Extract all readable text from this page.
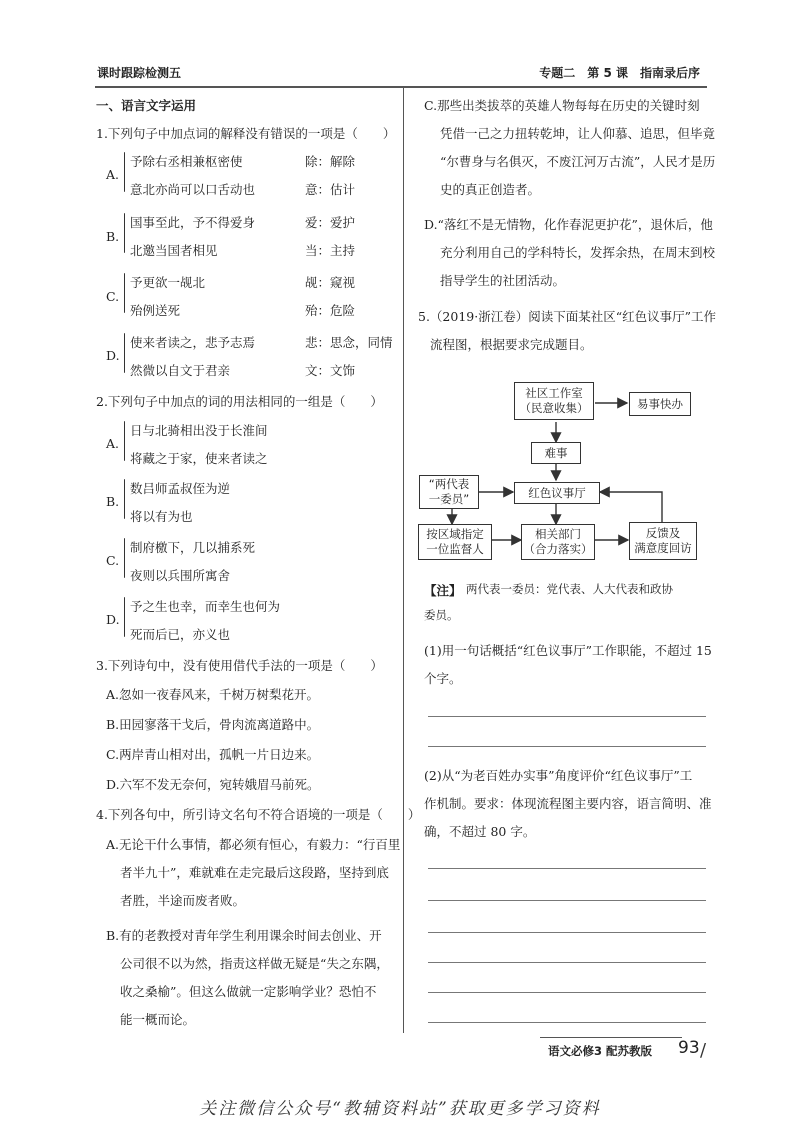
课时跟踪检测五	专题二　第 5 课　指南录后序
一、语言文字运用
1.下列句子中加点词的解释没有错误的一项是（　　）
A.
予除右丞相兼枢密使	除：解除
意北亦尚可以口舌动也	意：估计
B.
国事至此，予不得爱身	爱：爱护
北邀当国者相见	当：主持
C.
予更欲一觇北	觇：窥视
殆例送死	殆：危险
D.
使来者读之，悲予志焉	悲：思念，同情
然微以自文于君亲	文：文饰
2.下列句子中加点的词的用法相同的一组是（　　）
A.
日与北骑相出没于长淮间
将藏之于家，使来者读之
B.
数吕师孟叔侄为逆
将以有为也
C.
制府檄下，几以捕系死
夜则以兵围所寓舍
D.
予之生也幸，而幸生也何为
死而后已，亦义也
3.下列诗句中，没有使用借代手法的一项是（　　）
A.忽如一夜春风来，千树万树梨花开。
B.田园寥落干戈后，骨肉流离道路中。
C.两岸青山相对出，孤帆一片日边来。
D.六军不发无奈何，宛转娥眉马前死。
4.下列各句中，所引诗文名句不符合语境的一项是（　　）
A.无论干什么事情，都必须有恒心，有毅力：“行百里
者半九十”，难就难在走完最后这段路，坚持到底
者胜，半途而废者败。
B.有的老教授对青年学生利用课余时间去创业、开
公司很不以为然，指责这样做无疑是“失之东隅，
收之桑榆”。但这么做就一定影响学业？恐怕不
能一概而论。
C.那些出类拔萃的英雄人物每每在历史的关键时刻
凭借一己之力扭转乾坤，让人仰慕、追思，但毕竟
“尔曹身与名俱灭，不废江河万古流”，人民才是历
史的真正创造者。
D.“落红不是无情物，化作春泥更护花”，退休后，他
充分利用自己的学科特长，发挥余热，在周末到校
指导学生的社团活动。
5.（2019·浙江卷）阅读下面某社区“红色议事厅”工作
流程图，根据要求完成题目。
社区工作室
（民意收集）	易事快办
难事
“两代表
一委员”	红色议事厅
按区域指定
一位监督人
相关部门
（合力落实）
反馈及
满意度回访
【注】 两代表一委员：党代表、人大代表和政协
委员。
(1)用一句话概括“红色议事厅”工作职能，不超过 15
个字。
(2)从“为老百姓办实事”角度评价“红色议事厅”工
作机制。要求：体现流程图主要内容，语言简明、准
确，不超过 80 字。
语文必修3 配苏教版 93 /
关注微信公众号“教辅资料站”获取更多学习资料
